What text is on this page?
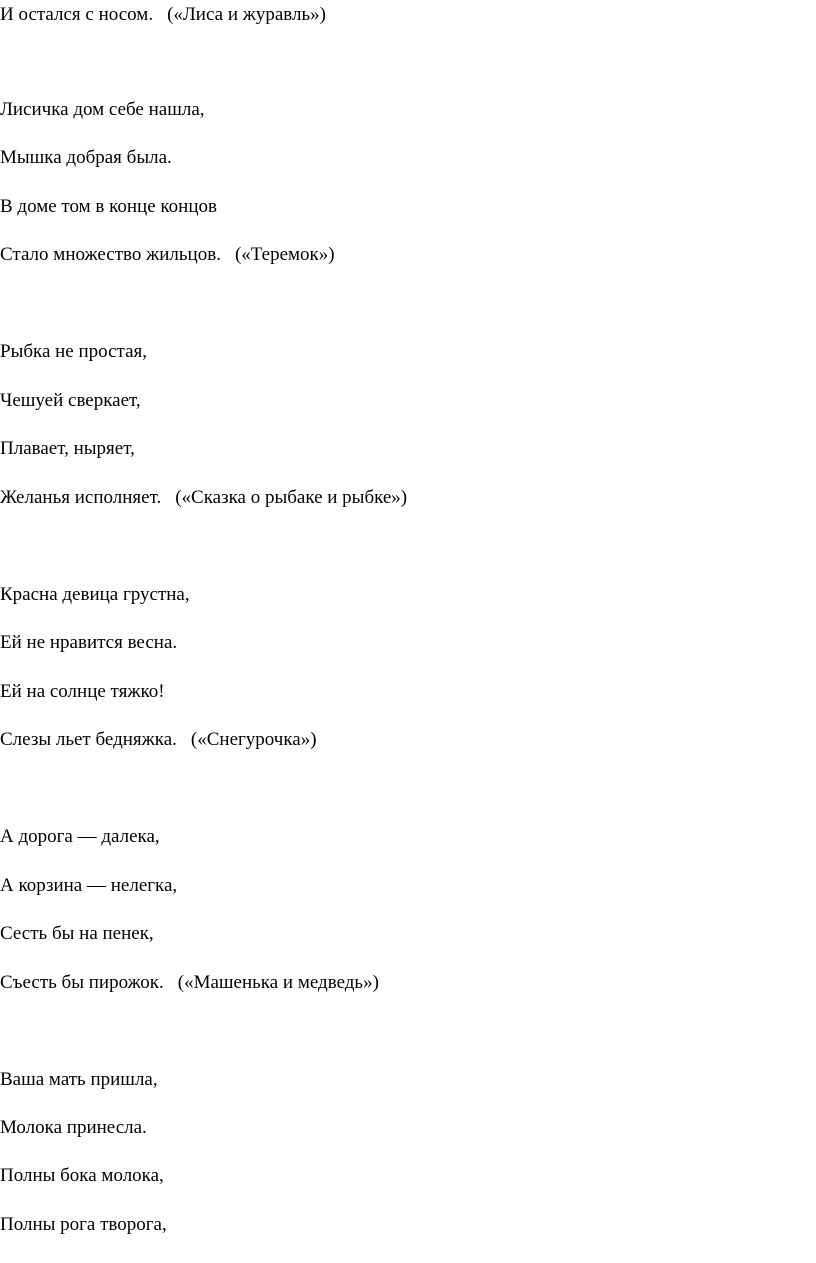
И остался с носом. («Лиса и журавль»)
Лисичка дом себе нашла,
Мышка добрая была.
В доме том в конце концов
Стало множество жильцов. («Теремок»)
Рыбка не простая,
Чешуей сверкает,
Плавает, ныряет,
Желанья исполняет. («Сказка о рыбаке и рыбке»)
Красна девица грустна,
Ей не нравится весна.
Ей на солнце тяжко!
Слезы льет бедняжка. («Снегурочка»)
А дорога — далека,
А корзина — нелегка,
Сесть бы на пенек,
Съесть бы пирожок. («Машенька и медведь»)
Ваша мать пришла,
Молока принесла.
Полны бока молока,
Полны рога творога,
